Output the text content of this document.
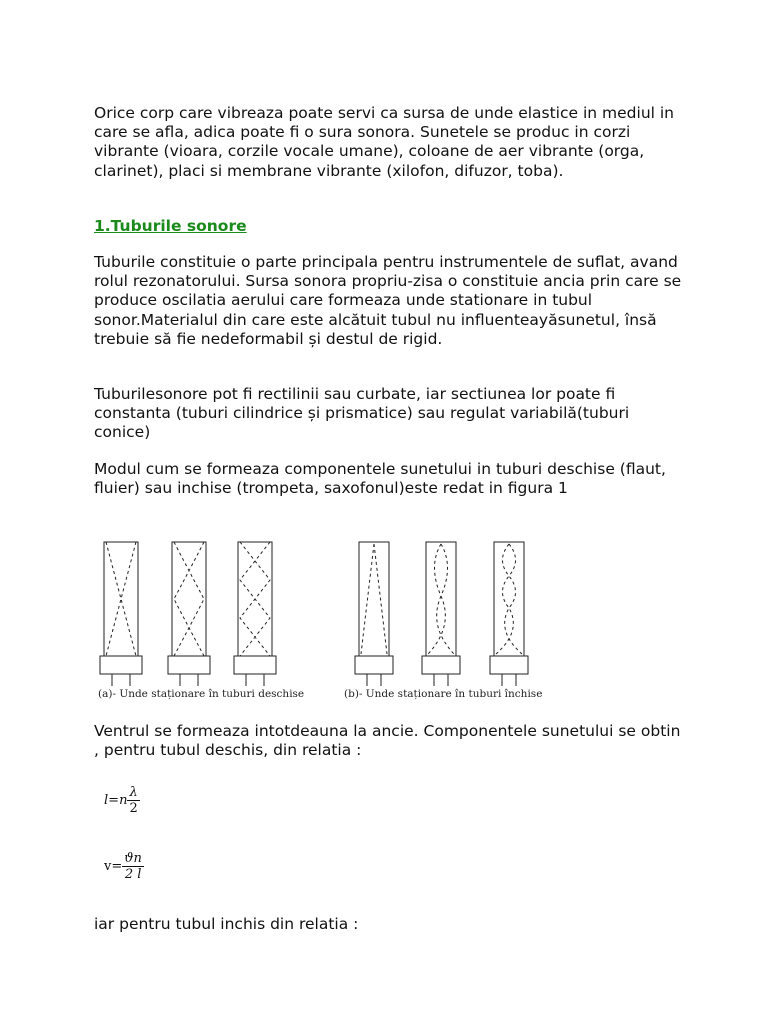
Orice corp care vibreaza poate servi ca sursa de unde elastice in mediul in care se afla, adica poate fi o sura sonora. Sunetele se produc in corzi vibrante (vioara, corzile vocale umane), coloane de aer vibrante (orga, clarinet), placi si membrane vibrante (xilofon, difuzor, toba).

1.Tuburile sonore

Tuburile constituie o parte principala pentru instrumentele de suflat, avand rolul rezonatorului. Sursa sonora propriu-zisa o constituie ancia prin care se produce oscilatia aerului care formeaza unde stationare in tubul sonor.Materialul din care este alcătuit tubul nu influenteayăsunetul, însă trebuie să fie nedeformabil și destul de rigid.

Tuburilesonore pot fi rectilinii sau curbate, iar sectiunea lor poate fi constanta (tuburi cilindrice și prismatice) sau regulat variabilă(tuburi conice)

Modul cum se formeaza componentele sunetului in tuburi deschise (flaut, fluier) sau inchise (trompeta, saxofonul)este redat in figura 1

(a)- Unde staționare în tuburi deschise	(b)- Unde staționare în tuburi închise

Ventrul se formeaza intotdeauna la ancie. Componentele sunetului se obtin , pentru tubul deschis, din relatia :

$l=n \frac{\lambda}{2}$
$v= \frac{ϑn}{2 l}$

iar pentru tubul inchis din relatia :
